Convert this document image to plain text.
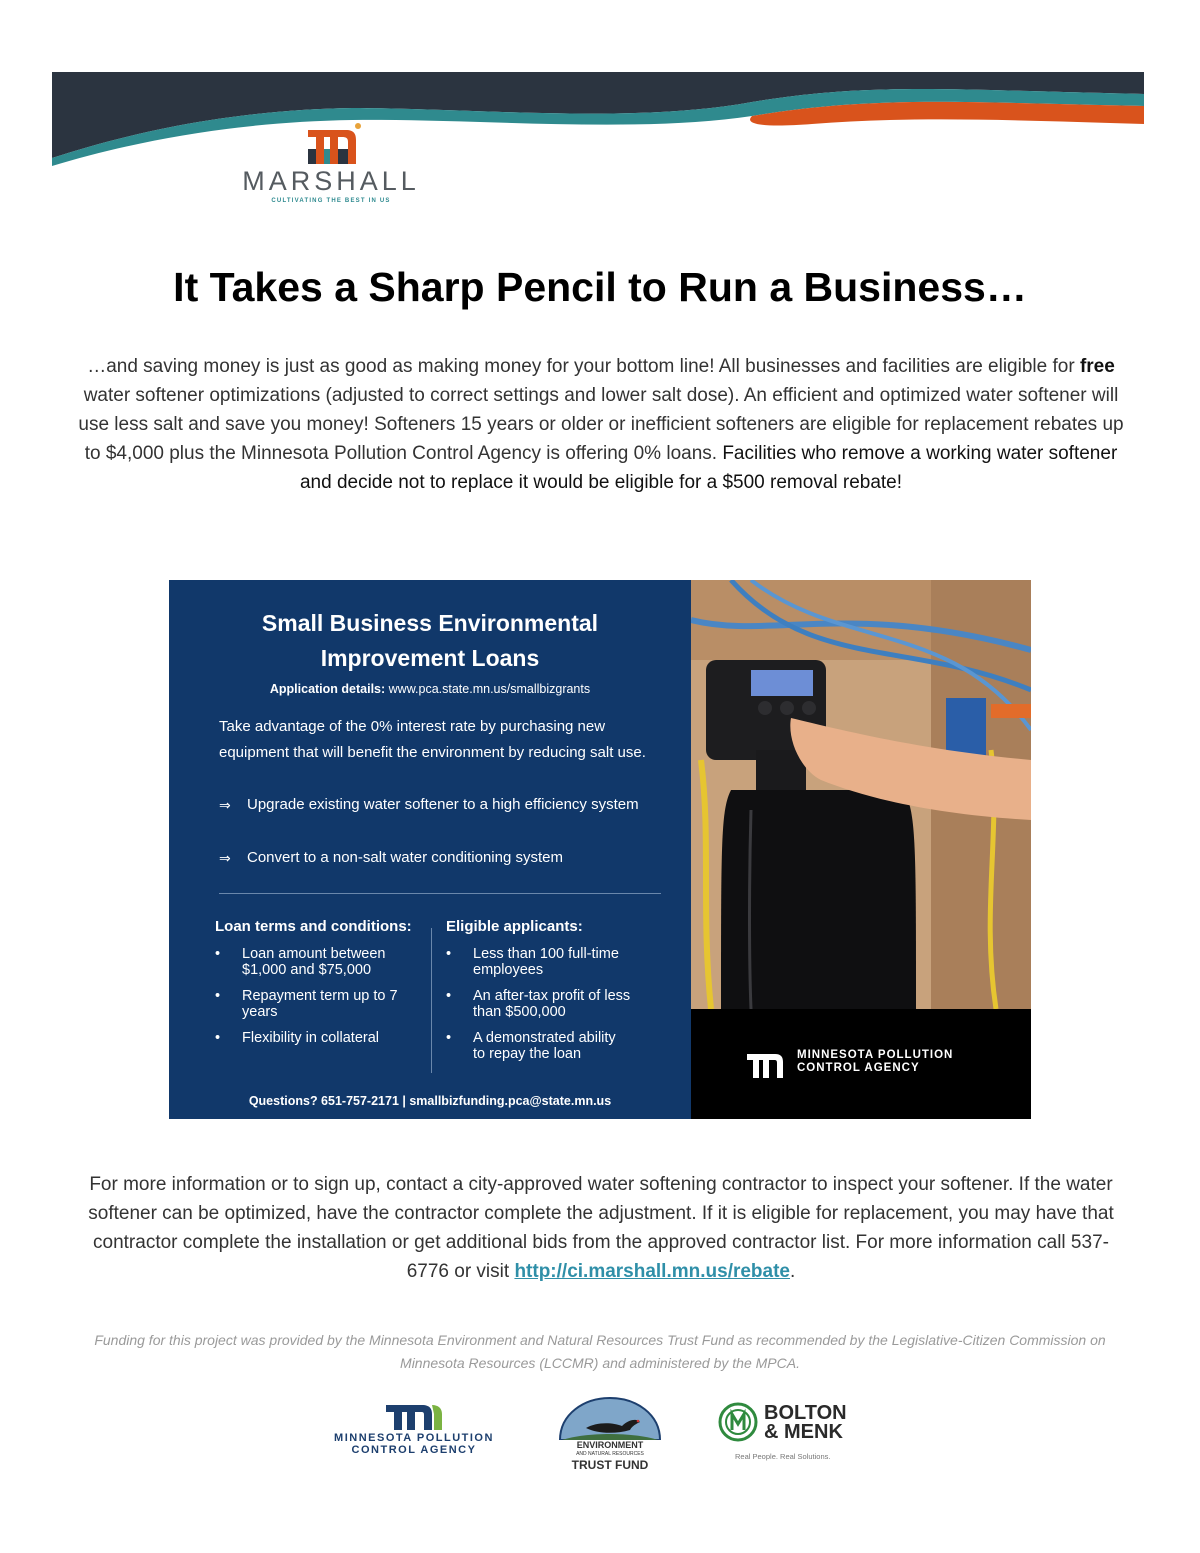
MARSHALL
CULTIVATING THE BEST IN US
It Takes a Sharp Pencil to Run a Business…
…and saving money is just as good as making money for your bottom line! All businesses and facilities are eligible for free water softener optimizations (adjusted to correct settings and lower salt dose). An efficient and optimized water softener will use less salt and save you money! Softeners 15 years or older or inefficient softeners are eligible for replacement rebates up to $4,000 plus the Minnesota Pollution Control Agency is offering 0% loans. Facilities who remove a working water softener and decide not to replace it would be eligible for a $500 removal rebate!
Small Business Environmental
Improvement Loans
Application details: www.pca.state.mn.us/smallbizgrants
Take advantage of the 0% interest rate by purchasing new equipment that will benefit the environment by reducing salt use.
⇒ Upgrade existing water softener to a high efficiency system
⇒ Convert to a non-salt water conditioning system
Loan terms and conditions:
• Loan amount between
$1,000 and $75,000
• Repayment term up to 7
years
• Flexibility in collateral
Eligible applicants:
• Less than 100 full-time
employees
• An after-tax profit of less
than $500,000
• A demonstrated ability
to repay the loan
Questions? 651-757-2171 | smallbizfunding.pca@state.mn.us
MINNESOTA POLLUTION
CONTROL AGENCY
For more information or to sign up, contact a city-approved water softening contractor to inspect your softener. If the water softener can be optimized, have the contractor complete the adjustment. If it is eligible for replacement, you may have that contractor complete the installation or get additional bids from the approved contractor list. For more information call 537-6776 or visit http://ci.marshall.mn.us/rebate.
Funding for this project was provided by the Minnesota Environment and Natural Resources Trust Fund as recommended by the Legislative-Citizen Commission on Minnesota Resources (LCCMR) and administered by the MPCA.
MINNESOTA POLLUTION
CONTROL AGENCY	ENVIRONMENT
AND NATURAL RESOURCES
TRUST FUND
BOLTON
& MENK
Real People. Real Solutions.
